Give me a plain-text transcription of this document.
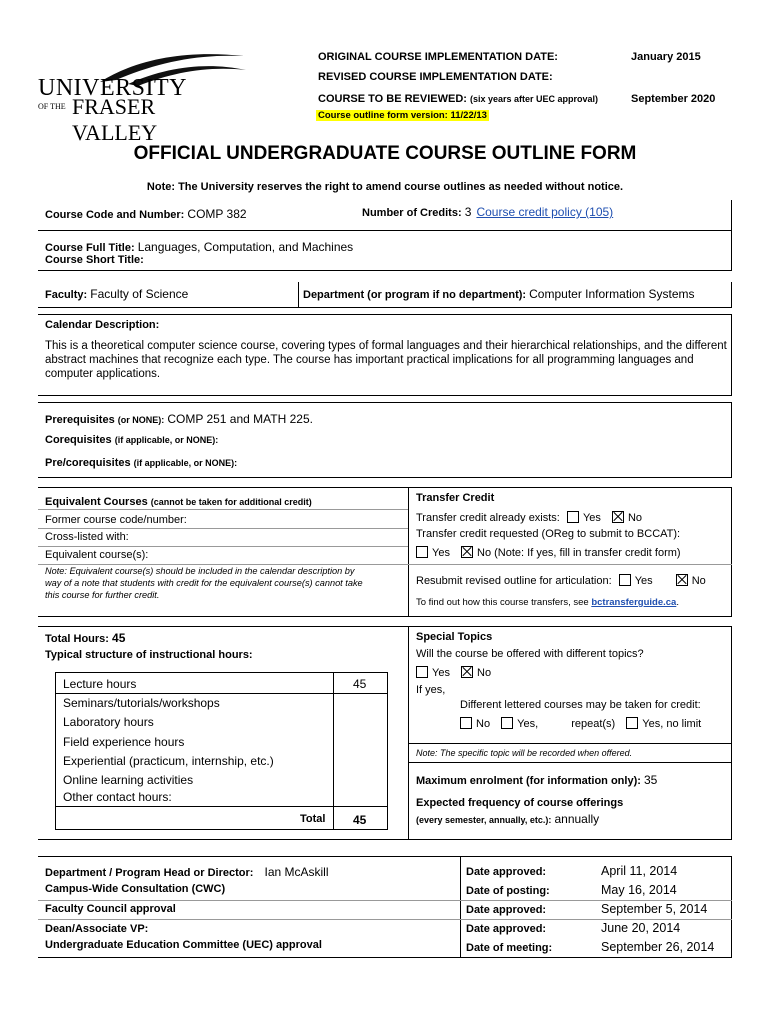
UNIVERSITY
OF THE FRASER VALLEY
ORIGINAL COURSE IMPLEMENTATION DATE:	January 2015
REVISED COURSE IMPLEMENTATION DATE:
COURSE TO BE REVIEWED: (six years after UEC approval)	September 2020
Course outline form version: 11/22/13
OFFICIAL UNDERGRADUATE COURSE OUTLINE FORM
Note: The University reserves the right to amend course outlines as needed without notice.
Course Code and Number: COMP 382	Number of Credits: 3 Course credit policy (105)
Course Full Title: Languages, Computation, and Machines
Course Short Title:
Faculty: Faculty of Science	Department (or program if no department): Computer Information Systems
Calendar Description:
This is a theoretical computer science course, covering types of formal languages and their hierarchical relationships, and the different
abstract machines that recognize each type. The course has important practical implications for all programming languages and
computer applications.
Prerequisites (or NONE): COMP 251 and MATH 225.
Corequisites (if applicable, or NONE):
Pre/corequisites (if applicable, or NONE):
Equivalent Courses (cannot be taken for additional credit)
Former course code/number:
Cross-listed with:
Equivalent course(s):
Note: Equivalent course(s) should be included in the calendar description by
way of a note that students with credit for the equivalent course(s) cannot take
this course for further credit.
Transfer Credit
Transfer credit already exists: Yes No
Transfer credit requested (OReg to submit to BCCAT):
Yes No (Note: If yes, fill in transfer credit form)
Resubmit revised outline for articulation: Yes	No
To find out how this course transfers, see bctransferguide.ca.
Total Hours: 45
Typical structure of instructional hours:
Lecture hours	45
Seminars/tutorials/workshops
Laboratory hours
Field experience hours
Experiential (practicum, internship, etc.)
Online learning activities
Other contact hours:
Total 45
Special Topics
Will the course be offered with different topics?
Yes No
If yes,
Different lettered courses may be taken for credit:
No Yes,	repeat(s) Yes, no limit
Note: The specific topic will be recorded when offered.
Maximum enrolment (for information only): 35
Expected frequency of course offerings
(every semester, annually, etc.): annually
Department / Program Head or Director: Ian McAskill	Date approved:	April 11, 2014
Campus-Wide Consultation (CWC)	Date of posting:	May 16, 2014
Faculty Council approval	Date approved:	September 5, 2014
Dean/Associate VP:	Date approved:	June 20, 2014
Undergraduate Education Committee (UEC) approval	Date of meeting:	September 26, 2014
